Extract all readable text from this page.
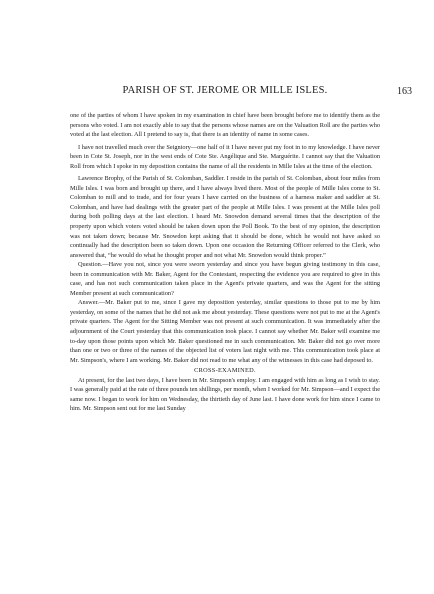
PARISH OF ST. JEROME OR MILLE ISLES.	163

one of the parties of whom I have spoken in my examination in chief have been brought before me to identify them as the persons who voted. I am not exactly able to say that the persons whose names are on the Valuation Roll are the parties who voted at the last election. All I pretend to say is, that there is an identity of name in some cases.

I have not travelled much over the Seigniory—one half of it I have never put my foot in to my knowledge. I have never been in Cote St. Joseph, nor in the west ends of Cote Ste. Angélique and Ste. Marguérite. I cannot say that the Valuation Roll from which I spoke in my deposition contains the name of all the residents in Mille Isles at the time of the election.

Lawrence Brophy, of the Parish of St. Colomban, Saddler. I reside in the parish of St. Colomban, about four miles from Mille Isles. I was born and brought up there, and I have always lived there. Most of the people of Mille Isles come to St. Colomban to mill and to trade, and for four years I have carried on the business of a harness maker and saddler at St. Colomban, and have had dealings with the greater part of the people at Mille Isles. I was present at the Mille Isles poll during both polling days at the last election. I heard Mr. Snowdon demand several times that the description of the property upon which voters voted should be taken down upon the Poll Book. To the best of my opinion, the description was not taken down; because Mr. Snowdon kept asking that it should be done, which he would not have asked so continually had the description been so taken down. Upon one occasion the Returning Officer referred to the Clerk, who answered that, “he would do what he thought proper and not what Mr. Snowdon would think proper.”

Question.—Have you not, since you were sworn yesterday and since you have begun giving testimony in this case, been in communication with Mr. Baker, Agent for the Contestant, respecting the evidence you are required to give in this case, and has not such communication taken place in the Agent's private quarters, and was the Agent for the sitting Member present at such communication?

Answer.—Mr. Baker put to me, since I gave my deposition yesterday, similar questions to those put to me by him yesterday, on some of the names that he did not ask me about yesterday. These questions were not put to me at the Agent's private quarters. The Agent for the Sitting Member was not present at such communication. It was immediately after the adjournment of the Court yesterday that this communication took place. I cannot say whether Mr. Baker will examine me to-day upon those points upon which Mr. Baker questioned me in such communication. Mr. Baker did not go over more than one or two or three of the names of the objected list of voters last night with me. This communication took place at Mr. Simpson's, where I am working. Mr. Baker did not read to me what any of the witnesses in this case had deposed to.

CROSS-EXAMINED.

At present, for the last two days, I have been in Mr. Simpson's employ. I am engaged with him as long as I wish to stay. I was generally paid at the rate of three pounds ten shillings, per month, when I worked for Mr. Simpson—and I expect the same now. I began to work for him on Wednesday, the thirtieth day of June last. I have done work for him since I came to him. Mr. Simpson sent out for me last Sunday
